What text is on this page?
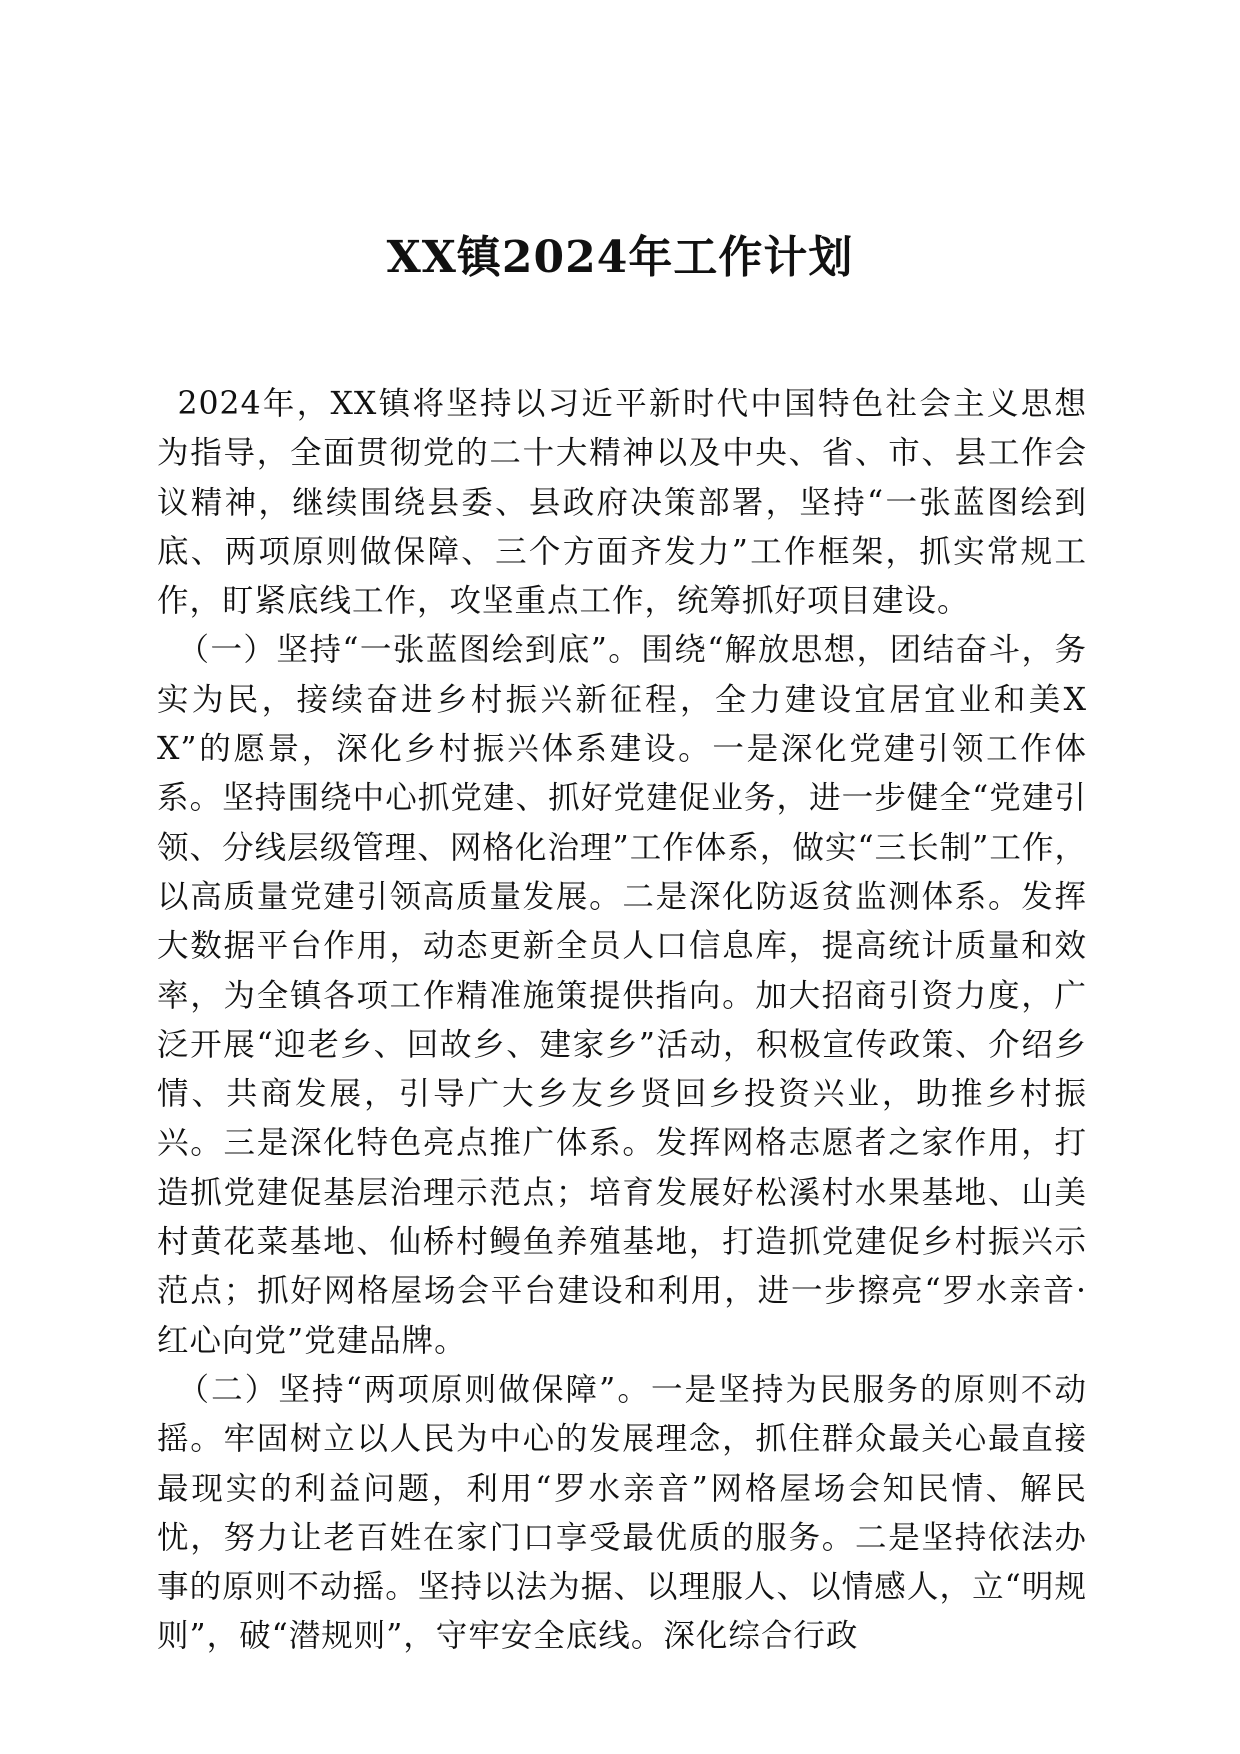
XX镇2024年工作计划

2024年，XX镇将坚持以习近平新时代中国特色社会主义思想为指导，全面贯彻党的二十大精神以及中央、省、市、县工作会议精神，继续围绕县委、县政府决策部署，坚持“一张蓝图绘到底、两项原则做保障、三个方面齐发力”工作框架，抓实常规工作，盯紧底线工作，攻坚重点工作，统筹抓好项目建设。

（一）坚持“一张蓝图绘到底”。围绕“解放思想，团结奋斗，务实为民，接续奋进乡村振兴新征程，全力建设宜居宜业和美XX”的愿景，深化乡村振兴体系建设。一是深化党建引领工作体系。坚持围绕中心抓党建、抓好党建促业务，进一步健全“党建引领、分线层级管理、网格化治理”工作体系，做实“三长制”工作，以高质量党建引领高质量发展。二是深化防返贫监测体系。发挥大数据平台作用，动态更新全员人口信息库，提高统计质量和效率，为全镇各项工作精准施策提供指向。加大招商引资力度，广泛开展“迎老乡、回故乡、建家乡”活动，积极宣传政策、介绍乡情、共商发展，引导广大乡友乡贤回乡投资兴业，助推乡村振兴。三是深化特色亮点推广体系。发挥网格志愿者之家作用，打造抓党建促基层治理示范点；培育发展好松溪村水果基地、山美村黄花菜基地、仙桥村鳗鱼养殖基地，打造抓党建促乡村振兴示范点；抓好网格屋场会平台建设和利用，进一步擦亮“罗水亲音·红心向党”党建品牌。

（二）坚持“两项原则做保障”。一是坚持为民服务的原则不动摇。牢固树立以人民为中心的发展理念，抓住群众最关心最直接最现实的利益问题，利用“罗水亲音”网格屋场会知民情、解民忧，努力让老百姓在家门口享受最优质的服务。二是坚持依法办事的原则不动摇。坚持以法为据、以理服人、以情感人，立“明规则”，破“潜规则”，守牢安全底线。深化综合行政
